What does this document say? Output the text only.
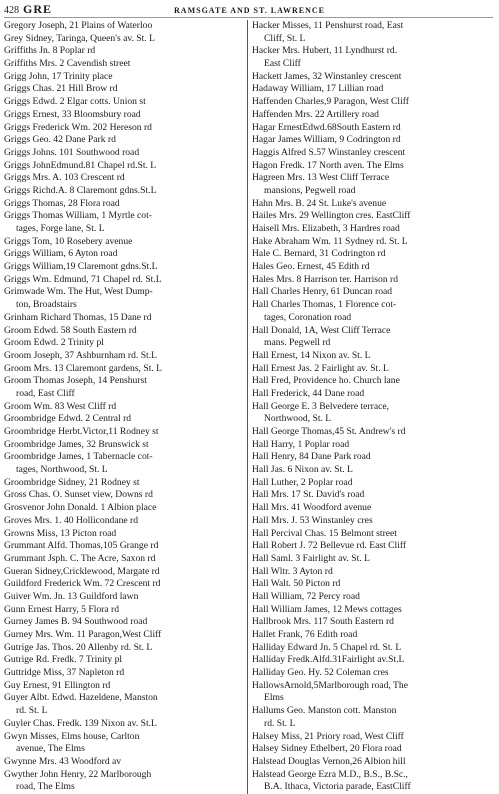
428 GRE	RAMSGATE AND ST. LAWRENCE
Gregory Joseph, 21 Plains of Waterloo
Grey Sidney, Taringa, Queen's av. St. L
Griffiths Jn. 8 Poplar rd
Griffiths Mrs. 2 Cavendish street
Grigg John, 17 Trinity place
Griggs Chas. 21 Hill Brow rd
Griggs Edwd. 2 Elgar cotts. Union st
Griggs Ernest, 33 Bloomsbury road
Griggs Frederick Wm. 202 Hereson rd
Griggs Geo. 42 Dane Park rd
Griggs Johns. 101 Southwood road
Griggs JohnEdmund.81 Chapel rd.St. L
Griggs Mrs. A. 103 Crescent rd
Griggs Richd.A. 8 Claremont gdns.St.L
Griggs Thomas, 28 Flora road
Griggs Thomas William, 1 Myrtle cot-
tages, Forge lane, St. L
Griggs Tom, 10 Rosebery avenue
Griggs William, 6 Ayton road
Griggs William,19 Claremont gdns.St.L
Griggs Wm. Edmund, 71 Chapel rd. St.L
Grimwade Wm. The Hut, West Dump-
ton, Broadstairs
Grinham Richard Thomas, 15 Dane rd
Groom Edwd. 58 South Eastern rd
Groom Edwd. 2 Trinity pl
Groom Joseph, 37 Ashburnham rd. St.L
Groom Mrs. 13 Claremont gardens, St. L
Groom Thomas Joseph, 14 Penshurst
road, East Cliff
Groom Wm. 83 West Cliff rd
Groombridge Edwd. 2 Central rd
Groombridge Herbt.Victor,11 Rodney st
Groombridge James, 32 Brunswick st
Groombridge James, 1 Tabernacle cot-
tages, Northwood, St. L
Groombridge Sidney, 21 Rodney st
Gross Chas. O. Sunset view, Downs rd
Grosvenor John Donald. 1 Albion place
Groves Mrs. 1. 40 Hollicondane rd
Growns Miss, 13 Picton road
Grummant Alfd. Thomas,105 Grange rd
Grummant Jsph. C. The Acre, Saxon rd
Gueran Sidney,Cricklewood, Margate rd
Guildford Frederick Wm. 72 Crescent rd
Guiver Wm. Jn. 13 Guildford lawn
Gunn Ernest Harry, 5 Flora rd
Gurney James B. 94 Southwood road
Gurney Mrs. Wm. 11 Paragon,West Cliff
Gutrige Jas. Thos. 20 Allenby rd. St. L
Gutrige Rd. Fredk. 7 Trinity pl
Guttridge Miss, 37 Napleton rd
Guy Ernest, 91 Ellington rd
Guyer Albt. Edwd. Hazeldene, Manston
rd. St. L
Guyler Chas. Fredk. 139 Nixon av. St.L
Gwyn Misses, Elms house, Carlton
avenue, The Elms
Gwynne Mrs. 43 Woodford av
Gwyther John Henry, 22 Marlborough
road, The Elms
Hacker Misses, 11 Penshurst road, East
Cliff, St. L
Hacker Mrs. Hubert, 11 Lyndhurst rd.
East Cliff
Hackett James, 32 Winstanley crescent
Hadaway William, 17 Lillian road
Haffenden Charles,9 Paragon, West Cliff
Haffenden Mrs. 22 Artillery road
Hagar ErnestEdwd.68South Eastern rd
Hagar James William, 9 Codrington rd
Haggis Alfred S.57 Winstanley crescent
Hagon Fredk. 17 North aven. The Elms
Hagreen Mrs. 13 West Cliff Terrace
mansions, Pegwell road
Hahn Mrs. B. 24 St. Luke's avenue
Hailes Mrs. 29 Wellington cres. EastCliff
Haisell Mrs. Elizabeth, 3 Hardres road
Hake Abraham Wm. 11 Sydney rd. St. L
Hale C. Bernard, 31 Codrington rd
Hales Geo. Ernest, 45 Edith rd
Hales Mrs. 8 Harrison ter. Harrison rd
Hall Charles Henry, 61 Duncan road
Hall Charles Thomas, 1 Florence cot-
tages, Coronation road
Hall Donald, 1A, West Cliff Terrace
mans. Pegwell rd
Hall Ernest, 14 Nixon av. St. L
Hall Ernest Jas. 2 Fairlight av. St. L
Hall Fred, Providence ho. Church lane
Hall Frederick, 44 Dane road
Hall George E. 3 Belvedere terrace,
Northwood, St. L
Hall George Thomas,45 St. Andrew's rd
Hall Harry, 1 Poplar road
Hall Henry, 84 Dane Park road
Hall Jas. 6 Nixon av. St. L
Hall Luther, 2 Poplar road
Hall Mrs. 17 St. David's road
Hall Mrs. 41 Woodford avenue
Hall Mrs. J. 53 Winstanley cres
Hall Percival Chas. 15 Belmont street
Hall Robert J. 72 Bellevue rd. East Cliff
Hall Saml. 3 Fairlight av. St. L
Hall Wltr. 3 Ayton rd
Hall Walt. 50 Picton rd
Hall William, 72 Percy road
Hall William James, 12 Mews cottages
Hallbrook Mrs. 117 South Eastern rd
Hallet Frank, 76 Edith road
Halliday Edward Jn. 5 Chapel rd. St. L
Halliday Fredk.Alfd.31Fairlight av.St.L
Halliday Geo. Hy. 52 Coleman cres
HallowsArnold,5Marlborough road, The
Elms
Hallums Geo. Manston cott. Manston
rd. St. L
Halsey Miss, 21 Priory road, West Cliff
Halsey Sidney Ethelbert, 20 Flora road
Halstead Douglas Vernon,26 Albion hill
Halstead George Ezra M.D., B.S., B.Sc.,
B.A. Ithaca, Victoria parade, EastCliff
